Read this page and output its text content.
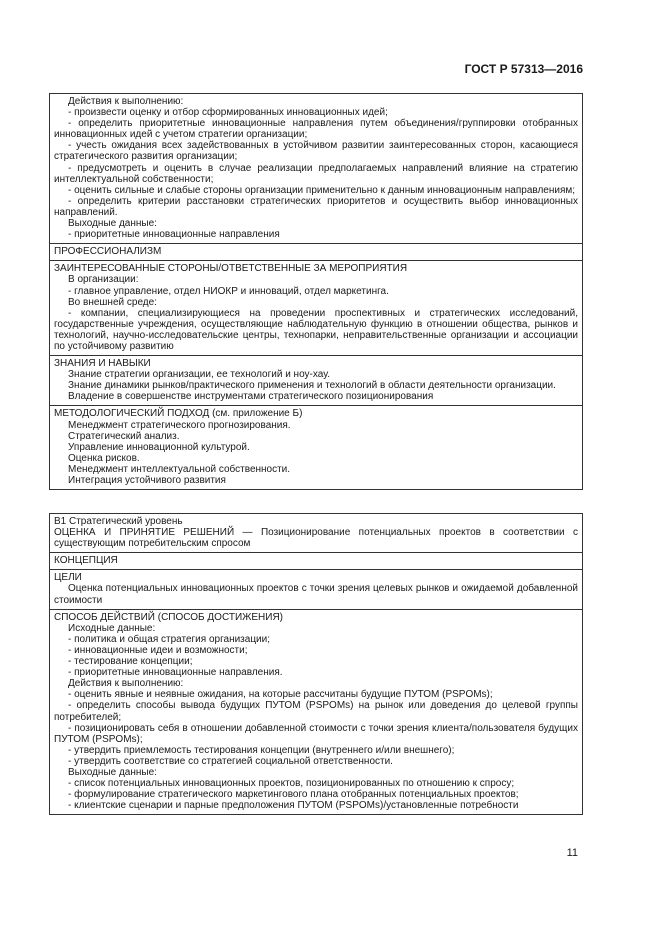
ГОСТ Р 57313—2016

Действия к выполнению:

- произвести оценку и отбор сформированных инновационных идей;

- определить приоритетные инновационные направления путем объединения/группировки отобранных инновационных идей с учетом стратегии организации;

- учесть ожидания всех задействованных в устойчивом развитии заинтересованных сторон, касающиеся стратегического развития организации;

- предусмотреть и оценить в случае реализации предполагаемых направлений влияние на стратегию интеллектуальной собственности;

- оценить сильные и слабые стороны организации применительно к данным инновационным направлениям;

- определить критерии расстановки стратегических приоритетов и осуществить выбор инновационных направлений.

Выходные данные:

- приоритетные инновационные направления

ПРОФЕССИОНАЛИЗМ

ЗАИНТЕРЕСОВАННЫЕ СТОРОНЫ/ОТВЕТСТВЕННЫЕ ЗА МЕРОПРИЯТИЯ

В организации:

- главное управление, отдел НИОКР и инноваций, отдел маркетинга.

Во внешней среде:

- компании, специализирующиеся на проведении проспективных и стратегических исследований, государственные учреждения, осуществляющие наблюдательную функцию в отношении общества, рынков и технологий, научно-исследовательские центры, технопарки, неправительственные организации и ассоциации по устойчивому развитию

ЗНАНИЯ И НАВЫКИ

Знание стратегии организации, ее технологий и ноу-хау.

Знание динамики рынков/практического применения и технологий в области деятельности организации.

Владение в совершенстве инструментами стратегического позиционирования

МЕТОДОЛОГИЧЕСКИЙ ПОДХОД (см. приложение Б)

Менеджмент стратегического прогнозирования.

Стратегический анализ.

Управление инновационной культурой.

Оценка рисков.

Менеджмент интеллектуальной собственности.

Интеграция устойчивого развития

В1 Стратегический уровень

ОЦЕНКА И ПРИНЯТИЕ РЕШЕНИЙ — Позиционирование потенциальных проектов в соответствии с существующим потребительским спросом

КОНЦЕПЦИЯ

ЦЕЛИ

Оценка потенциальных инновационных проектов с точки зрения целевых рынков и ожидаемой добавленной стоимости

СПОСОБ ДЕЙСТВИЙ (СПОСОБ ДОСТИЖЕНИЯ)

Исходные данные:

- политика и общая стратегия организации;

- инновационные идеи и возможности;

- тестирование концепции;

- приоритетные инновационные направления.

Действия к выполнению:

- оценить явные и неявные ожидания, на которые рассчитаны будущие ПУТОМ (PSPOMs);

- определить способы вывода будущих ПУТОМ (PSPOMs) на рынок или доведения до целевой группы потребителей;

- позиционировать себя в отношении добавленной стоимости с точки зрения клиента/пользователя будущих ПУТОМ (PSPOMs);

- утвердить приемлемость тестирования концепции (внутреннего и/или внешнего);

- утвердить соответствие со стратегией социальной ответственности.

Выходные данные:

- список потенциальных инновационных проектов, позиционированных по отношению к спросу;

- формулирование стратегического маркетингового плана отобранных потенциальных проектов;

- клиентские сценарии и парные предположения ПУТОМ (PSPOMs)/установленные потребности

11
